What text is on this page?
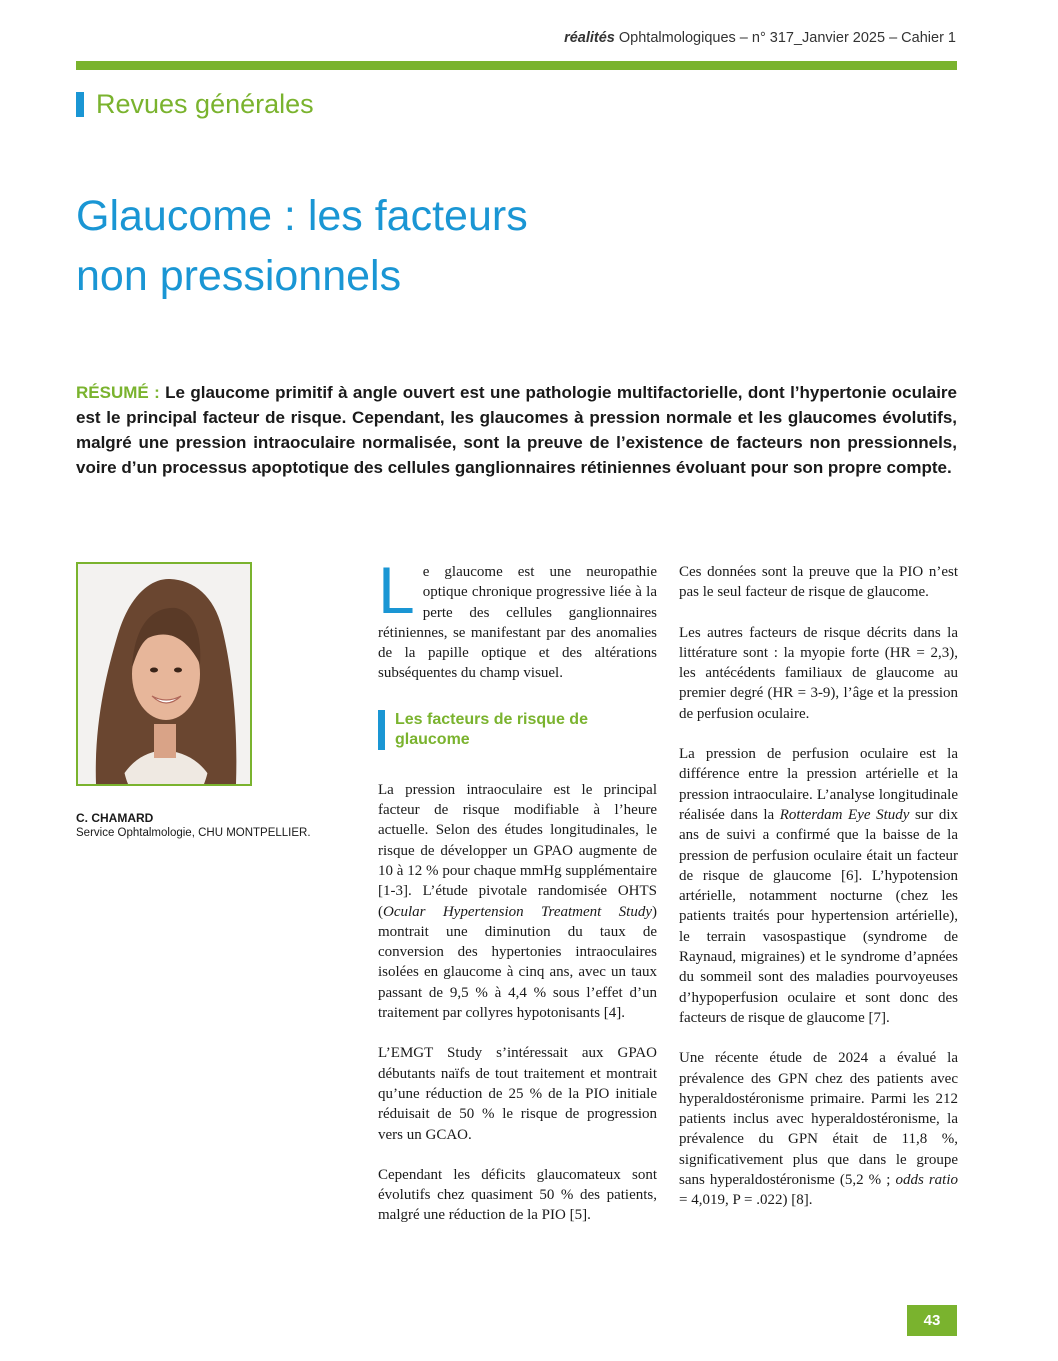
réalités Ophtalmologiques – n° 317_Janvier 2025 – Cahier 1
Revues générales
Glaucome : les facteurs
non pressionnels
RÉSUMÉ : Le glaucome primitif à angle ouvert est une pathologie multifactorielle, dont l’hypertonie oculaire est le principal facteur de risque. Cependant, les glaucomes à pression normale et les glaucomes évolutifs, malgré une pression intraoculaire normalisée, sont la preuve de l’existence de facteurs non pressionnels, voire d’un processus apoptotique des cellules ganglionnaires rétiniennes évoluant pour son propre compte.
C. CHAMARD
Service Ophtalmologie, CHU MONTPELLIER.

Le glaucome est une neuropathie optique chronique progressive liée à la perte des cellules ganglionnaires rétiniennes, se manifestant par des anomalies de la papille optique et des altérations subséquentes du champ visuel.

Les facteurs de risque de glaucome

La pression intraoculaire est le principal facteur de risque modifiable à l’heure actuelle. Selon des études longitudinales, le risque de développer un GPAO augmente de 10 à 12 % pour chaque mmHg supplémentaire [1-3]. L’étude pivotale randomisée OHTS (Ocular Hypertension Treatment Study) montrait une diminution du taux de conversion des hypertonies intraoculaires isolées en glaucome à cinq ans, avec un taux passant de 9,5 % à 4,4 % sous l’effet d’un traitement par collyres hypotonisants [4].

L’EMGT Study s’intéressait aux GPAO débutants naïfs de tout traitement et montrait qu’une réduction de 25 % de la PIO initiale réduisait de 50 % le risque de progression vers un GCAO.

Cependant les déficits glaucomateux sont évolutifs chez quasiment 50 % des patients, malgré une réduction de la PIO [5].

Ces données sont la preuve que la PIO n’est pas le seul facteur de risque de glaucome.

Les autres facteurs de risque décrits dans la littérature sont : la myopie forte (HR = 2,3), les antécédents familiaux de glaucome au premier degré (HR = 3-9), l’âge et la pression de perfusion oculaire.

La pression de perfusion oculaire est la différence entre la pression artérielle et la pression intraoculaire. L’analyse longitudinale réalisée dans la Rotterdam Eye Study sur dix ans de suivi a confirmé que la baisse de la pression de perfusion oculaire était un facteur de risque de glaucome [6]. L’hypotension artérielle, notamment nocturne (chez les patients traités pour hypertension artérielle), le terrain vasospastique (syndrome de Raynaud, migraines) et le syndrome d’apnées du sommeil sont des maladies pourvoyeuses d’hypoperfusion oculaire et sont donc des facteurs de risque de glaucome [7].

Une récente étude de 2024 a évalué la prévalence des GPN chez des patients avec hyperaldostéronisme primaire. Parmi les 212 patients inclus avec hyperaldostéronisme, la prévalence du GPN était de 11,8 %, significativement plus que dans le groupe sans hyperaldostéronisme (5,2 % ; odds ratio = 4,019, P = .022) [8].

43
